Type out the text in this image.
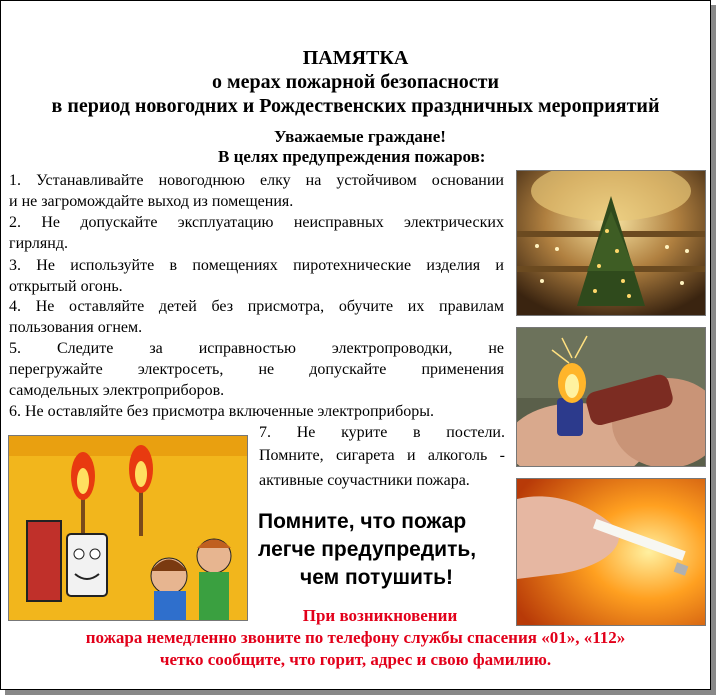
ПАМЯТКА
о мерах пожарной безопасности
в период новогодних и Рождественских праздничных мероприятий
Уважаемые граждане!
В целях предупреждения пожаров:
1. Устанавливайте новогоднюю елку на устойчивом основании
и не загромождайте выход из помещения.
2. Не допускайте эксплуатацию неисправных электрических
гирлянд.
3. Не используйте в помещениях пиротехнические изделия и
открытый огонь.
4. Не оставляйте детей без присмотра, обучите их правилам
пользования огнем.
5. Следите за исправностью электропроводки, не
перегружайте электросеть, не допускайте применения
самодельных электроприборов.
6. Не оставляйте без присмотра включенные электроприборы.
7. Не курите в постели.
Помните, сигарета и алкоголь -
активные соучастники пожара.
Помните, что пожар
легче предупредить,
чем потушить!
При возникновении
пожара немедленно звоните по телефону службы спасения «01», «112»
четко сообщите, что горит, адрес и свою фамилию.
